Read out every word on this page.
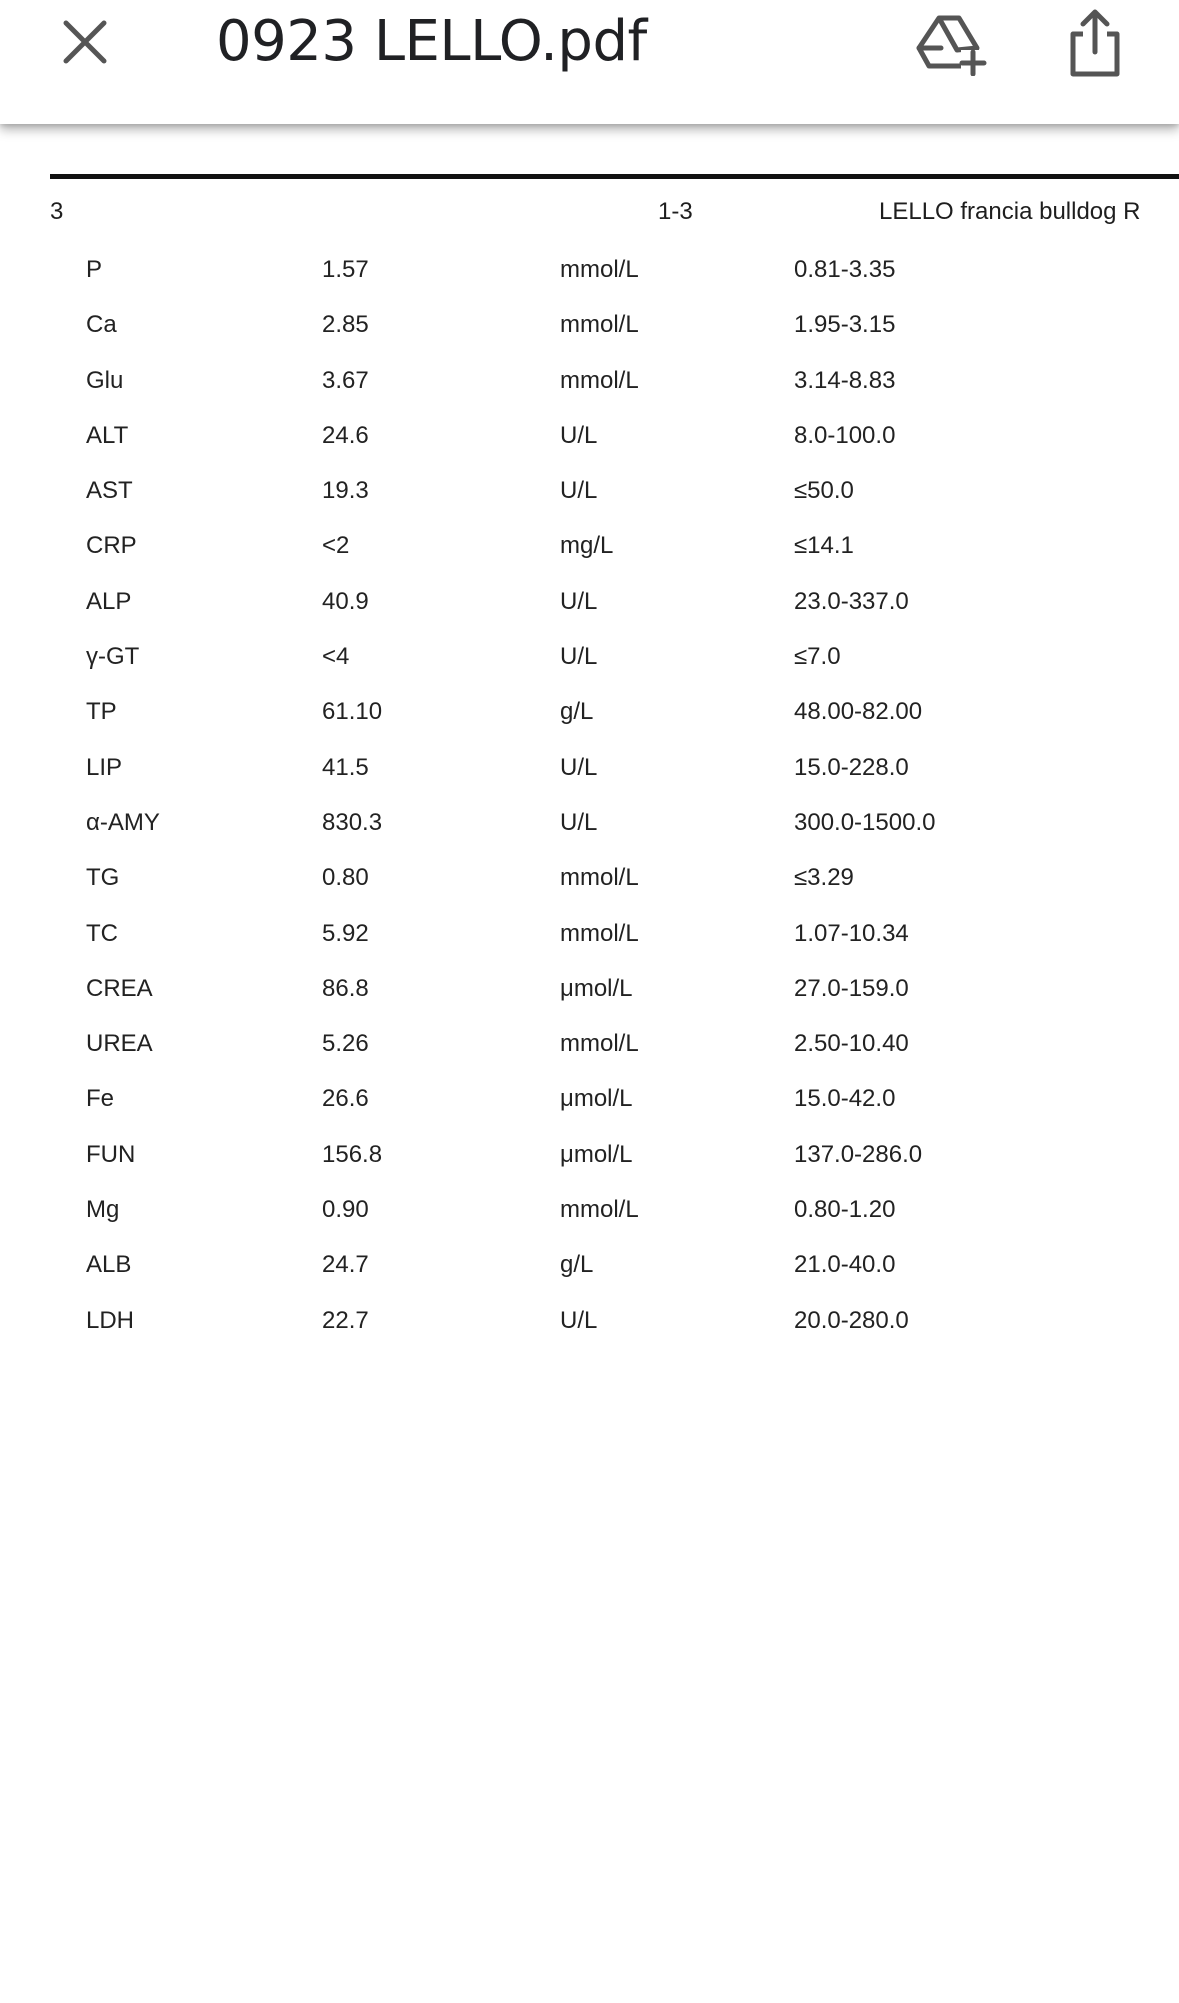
0923 LELLO.pdf
3	1-3	LELLO francia bulldog R
P	1.57	mmol/L	0.81-3.35
Ca	2.85	mmol/L	1.95-3.15
Glu	3.67	mmol/L	3.14-8.83
ALT	24.6	U/L	8.0-100.0
AST	19.3	U/L	≤50.0
CRP	<2	mg/L	≤14.1
ALP	40.9	U/L	23.0-337.0
γ-GT	<4	U/L	≤7.0
TP	61.10	g/L	48.00-82.00
LIP	41.5	U/L	15.0-228.0
α-AMY	830.3	U/L	300.0-1500.0
TG	0.80	mmol/L	≤3.29
TC	5.92	mmol/L	1.07-10.34
CREA	86.8	μmol/L	27.0-159.0
UREA	5.26	mmol/L	2.50-10.40
Fe	26.6	μmol/L	15.0-42.0
FUN	156.8	μmol/L	137.0-286.0
Mg	0.90	mmol/L	0.80-1.20
ALB	24.7	g/L	21.0-40.0
LDH	22.7	U/L	20.0-280.0
